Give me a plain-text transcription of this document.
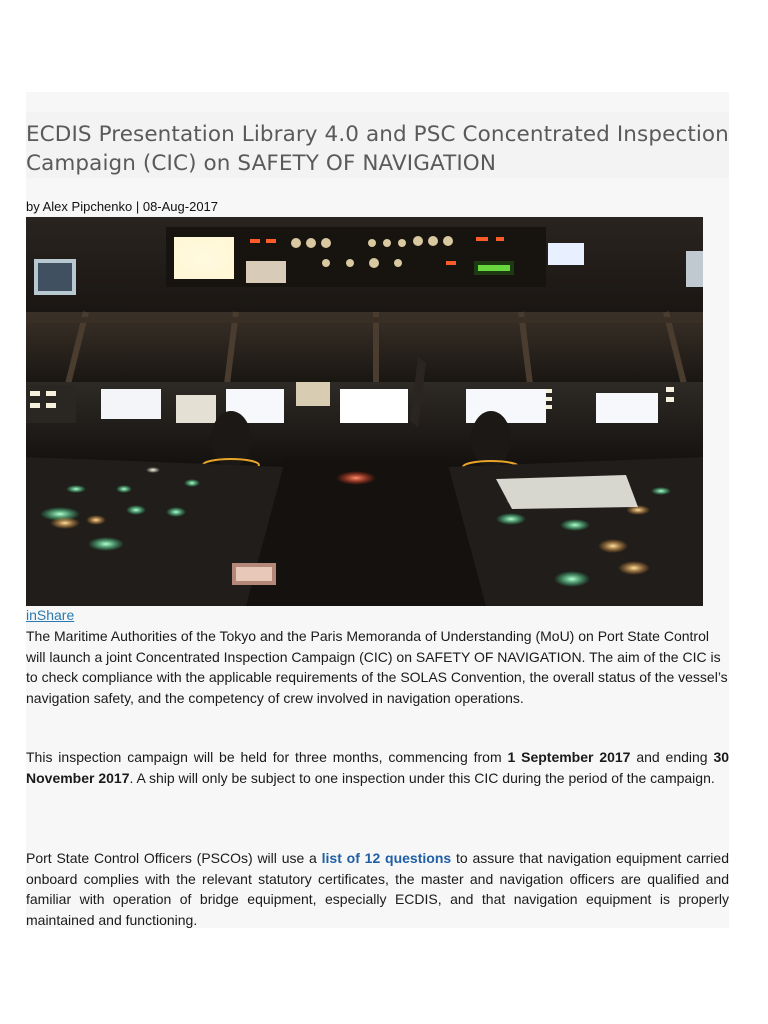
ECDIS Presentation Library 4.0 and PSC Concentrated Inspection Campaign (CIC) on SAFETY OF NAVIGATION
by Alex Pipchenko | 08-Aug-2017
inShare

The Maritime Authorities of the Tokyo and the Paris Memoranda of Understanding (MoU) on Port State Control will launch a joint Concentrated Inspection Campaign (CIC) on SAFETY OF NAVIGATION. The aim of the CIC is to check compliance with the applicable requirements of the SOLAS Convention, the overall status of the vessel’s navigation safety, and the competency of crew involved in navigation operations.

This inspection campaign will be held for three months, commencing from 1 September 2017 and ending 30 November 2017. A ship will only be subject to one inspection under this CIC during the period of the campaign.

Port State Control Officers (PSCOs) will use a list of 12 questions to assure that navigation equipment carried onboard complies with the relevant statutory certificates, the master and navigation officers are qualified and familiar with operation of bridge equipment, especially ECDIS, and that navigation equipment is properly maintained and functioning.
